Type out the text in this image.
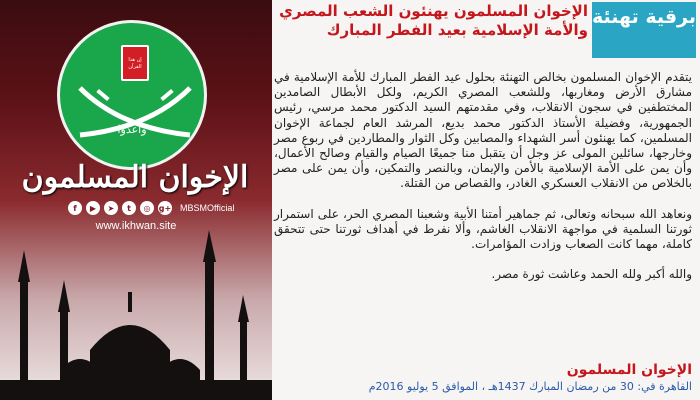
إن هذا القرآن
وأعدوا
الإخوان المسلمون
f	▶	➤	t	◎	g+ MBSMOfficial
www.ikhwan.site
الإخوان المسلمون يهنئون الشعب المصري والأمة الإسلامية بعيد الفطر المبارك
برقية تهنئة

يتقدم الإخوان المسلمون بخالص التهنئة بحلول عيد الفطر المبارك للأمة الإسلامية في مشارق الأرض ومغاربها، وللشعب المصري الكريم، ولكل الأبطال الصامدين المختطفين في سجون الانقلاب، وفي مقدمتهم السيد الدكتور محمد مرسي، رئيس الجمهورية، وفضيلة الأستاذ الدكتور محمد بديع، المرشد العام لجماعة الإخوان المسلمين، كما يهنئون أسر الشهداء والمصابين وكل الثوار والمطاردين في ربوع مصر وخارجها، سائلين المولى عز وجل أن يتقبل منا جميعًا الصيام والقيام وصالح الأعمال، وأن يمن على الأمة الإسلامية بالأمن والإيمان، وبالنصر والتمكين، وأن يمن على مصر بالخلاص من الانقلاب العسكري الغادر، والقصاص من القتلة.

ونعاهد الله سبحانه وتعالى، ثم جماهير أمتنا الأبية وشعبنا المصري الحر، على استمرار ثورتنا السلمية في مواجهة الانقلاب الغاشم، وألا نفرط في أهداف ثورتنا حتى تتحقق كاملة، مهما كانت الصعاب وزادت المؤامرات.

والله أكبر ولله الحمد وعاشت ثورة مصر.

الإخوان المسلمون
القاهرة في: 30 من رمضان المبارك 1437هـ ، الموافق 5 يوليو 2016م
